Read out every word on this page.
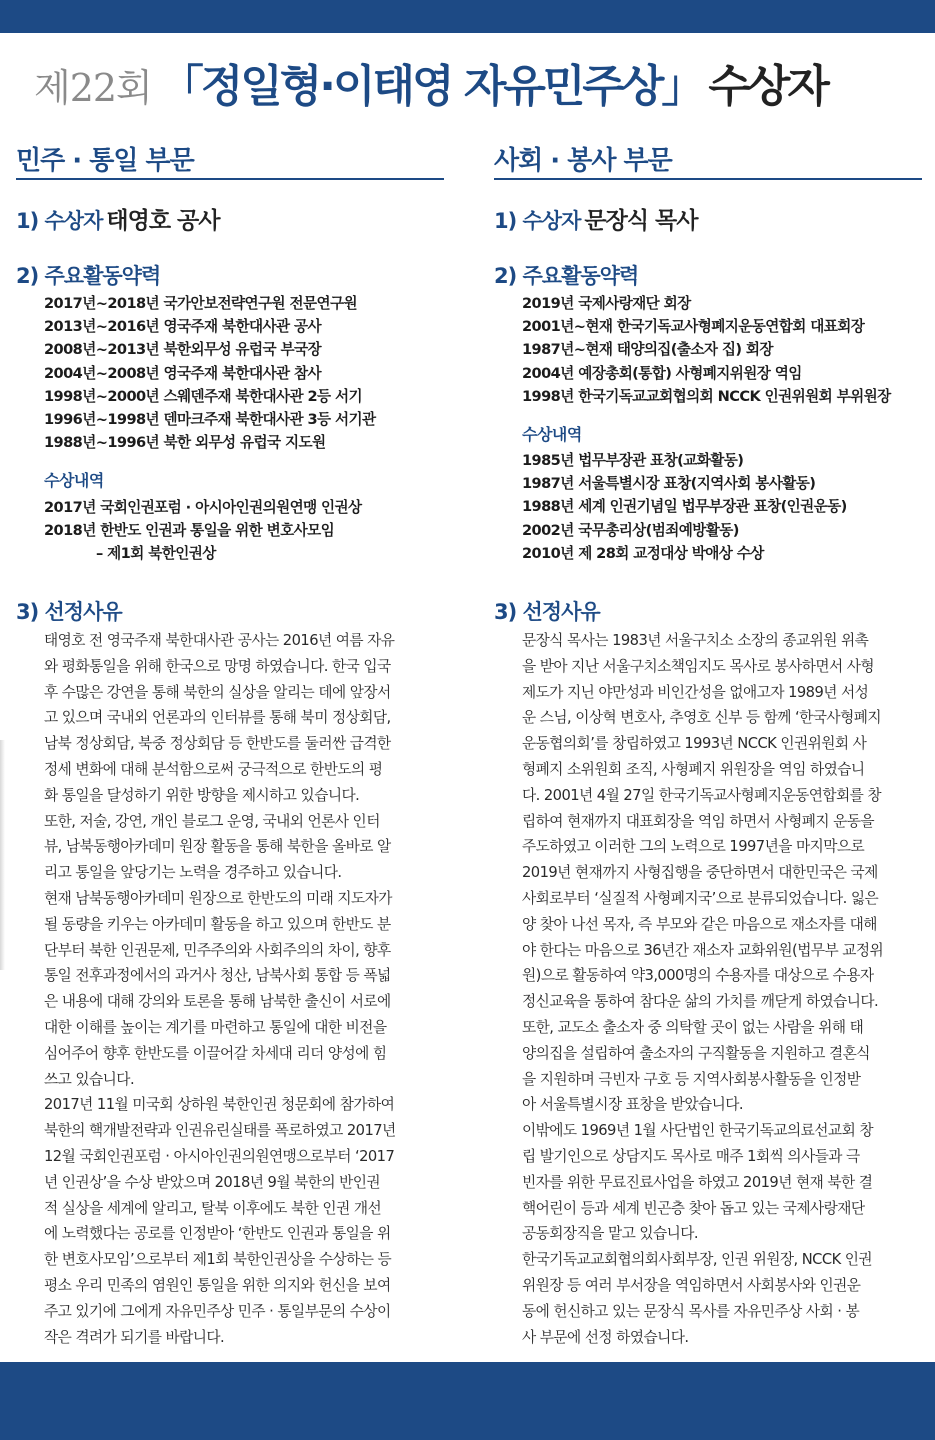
제22회 「정일형·이태영 자유민주상」 수상자
민주 · 통일 부문
1) 수상자 태영호 공사
2) 주요활동약력
2017년~2018년 국가안보전략연구원 전문연구원
2013년~2016년 영국주재 북한대사관 공사
2008년~2013년 북한외무성 유럽국 부국장
2004년~2008년 영국주재 북한대사관 참사
1998년~2000년 스웨덴주재 북한대사관 2등 서기
1996년~1998년 덴마크주재 북한대사관 3등 서기관
1988년~1996년 북한 외무성 유럽국 지도원
수상내역
2017년 국회인권포럼 · 아시아인권의원연맹 인권상
2018년 한반도 인권과 통일을 위한 변호사모임
– 제1회 북한인권상
3) 선정사유
태영호 전 영국주재 북한대사관 공사는 2016년 여름 자유
와 평화통일을 위해 한국으로 망명 하였습니다. 한국 입국
후 수많은 강연을 통해 북한의 실상을 알리는 데에 앞장서
고 있으며 국내외 언론과의 인터뷰를 통해 북미 정상회담,
남북 정상회담, 북중 정상회담 등 한반도를 둘러싼 급격한
정세 변화에 대해 분석함으로써 궁극적으로 한반도의 평
화 통일을 달성하기 위한 방향을 제시하고 있습니다.
또한, 저술, 강연, 개인 블로그 운영, 국내외 언론사 인터
뷰, 남북동행아카데미 원장 활동을 통해 북한을 올바로 알
리고 통일을 앞당기는 노력을 경주하고 있습니다.
현재 남북동행아카데미 원장으로 한반도의 미래 지도자가
될 동량을 키우는 아카데미 활동을 하고 있으며 한반도 분
단부터 북한 인권문제, 민주주의와 사회주의의 차이, 향후
통일 전후과정에서의 과거사 청산, 남북사회 통합 등 폭넓
은 내용에 대해 강의와 토론을 통해 남북한 출신이 서로에
대한 이해를 높이는 계기를 마련하고 통일에 대한 비전을
심어주어 향후 한반도를 이끌어갈 차세대 리더 양성에 힘
쓰고 있습니다.
2017년 11월 미국회 상하원 북한인권 청문회에 참가하여
북한의 핵개발전략과 인권유린실태를 폭로하였고 2017년
12월 국회인권포럼 · 아시아인권의원연맹으로부터 ‘2017
년 인권상’을 수상 받았으며 2018년 9월 북한의 반인권
적 실상을 세계에 알리고, 탈북 이후에도 북한 인권 개선
에 노력했다는 공로를 인정받아 ‘한반도 인권과 통일을 위
한 변호사모임’으로부터 제1회 북한인권상을 수상하는 등
평소 우리 민족의 염원인 통일을 위한 의지와 헌신을 보여
주고 있기에 그에게 자유민주상 민주 · 통일부문의 수상이
작은 격려가 되기를 바랍니다.
사회 · 봉사 부문
1) 수상자 문장식 목사
2) 주요활동약력
2019년 국제사랑재단 회장
2001년~현재 한국기독교사형폐지운동연합회 대표회장
1987년~현재 태양의집(출소자 집) 회장
2004년 예장총회(통합) 사형폐지위원장 역임
1998년 한국기독교교회협의회 NCCK 인권위원회 부위원장
수상내역
1985년 법무부장관 표창(교화활동)
1987년 서울특별시장 표창(지역사회 봉사활동)
1988년 세계 인권기념일 법무부장관 표창(인권운동)
2002년 국무총리상(범죄예방활동)
2010년 제 28회 교정대상 박애상 수상
3) 선정사유
문장식 목사는 1983년 서울구치소 소장의 종교위원 위촉
을 받아 지난 서울구치소책임지도 목사로 봉사하면서 사형
제도가 지닌 야만성과 비인간성을 없애고자 1989년 서성
운 스님, 이상혁 변호사, 추영호 신부 등 함께 ‘한국사형폐지
운동협의회’를 창립하였고 1993년 NCCK 인권위원회 사
형폐지 소위원회 조직, 사형폐지 위원장을 역임 하였습니
다. 2001년 4월 27일 한국기독교사형폐지운동연합회를 창
립하여 현재까지 대표회장을 역임 하면서 사형폐지 운동을
주도하였고 이러한 그의 노력으로 1997년을 마지막으로
2019년 현재까지 사형집행을 중단하면서 대한민국은 국제
사회로부터 ‘실질적 사형폐지국’으로 분류되었습니다. 잃은
양 찾아 나선 목자, 즉 부모와 같은 마음으로 재소자를 대해
야 한다는 마음으로 36년간 재소자 교화위원(법무부 교정위
원)으로 활동하여 약3,000명의 수용자를 대상으로 수용자
정신교육을 통하여 참다운 삶의 가치를 깨닫게 하였습니다.
또한, 교도소 출소자 중 의탁할 곳이 없는 사람을 위해 태
양의집을 설립하여 출소자의 구직활동을 지원하고 결혼식
을 지원하며 극빈자 구호 등 지역사회봉사활동을 인정받
아 서울특별시장 표창을 받았습니다.
이밖에도 1969년 1월 사단법인 한국기독교의료선교회 창
립 발기인으로 상담지도 목사로 매주 1회씩 의사들과 극
빈자를 위한 무료진료사업을 하였고 2019년 현재 북한 결
핵어린이 등과 세계 빈곤층 찾아 돕고 있는 국제사랑재단
공동회장직을 맡고 있습니다.
한국기독교교회협의회사회부장, 인권 위원장, NCCK 인권
위원장 등 여러 부서장을 역임하면서 사회봉사와 인권운
동에 헌신하고 있는 문장식 목사를 자유민주상 사회 · 봉
사 부문에 선정 하였습니다.
